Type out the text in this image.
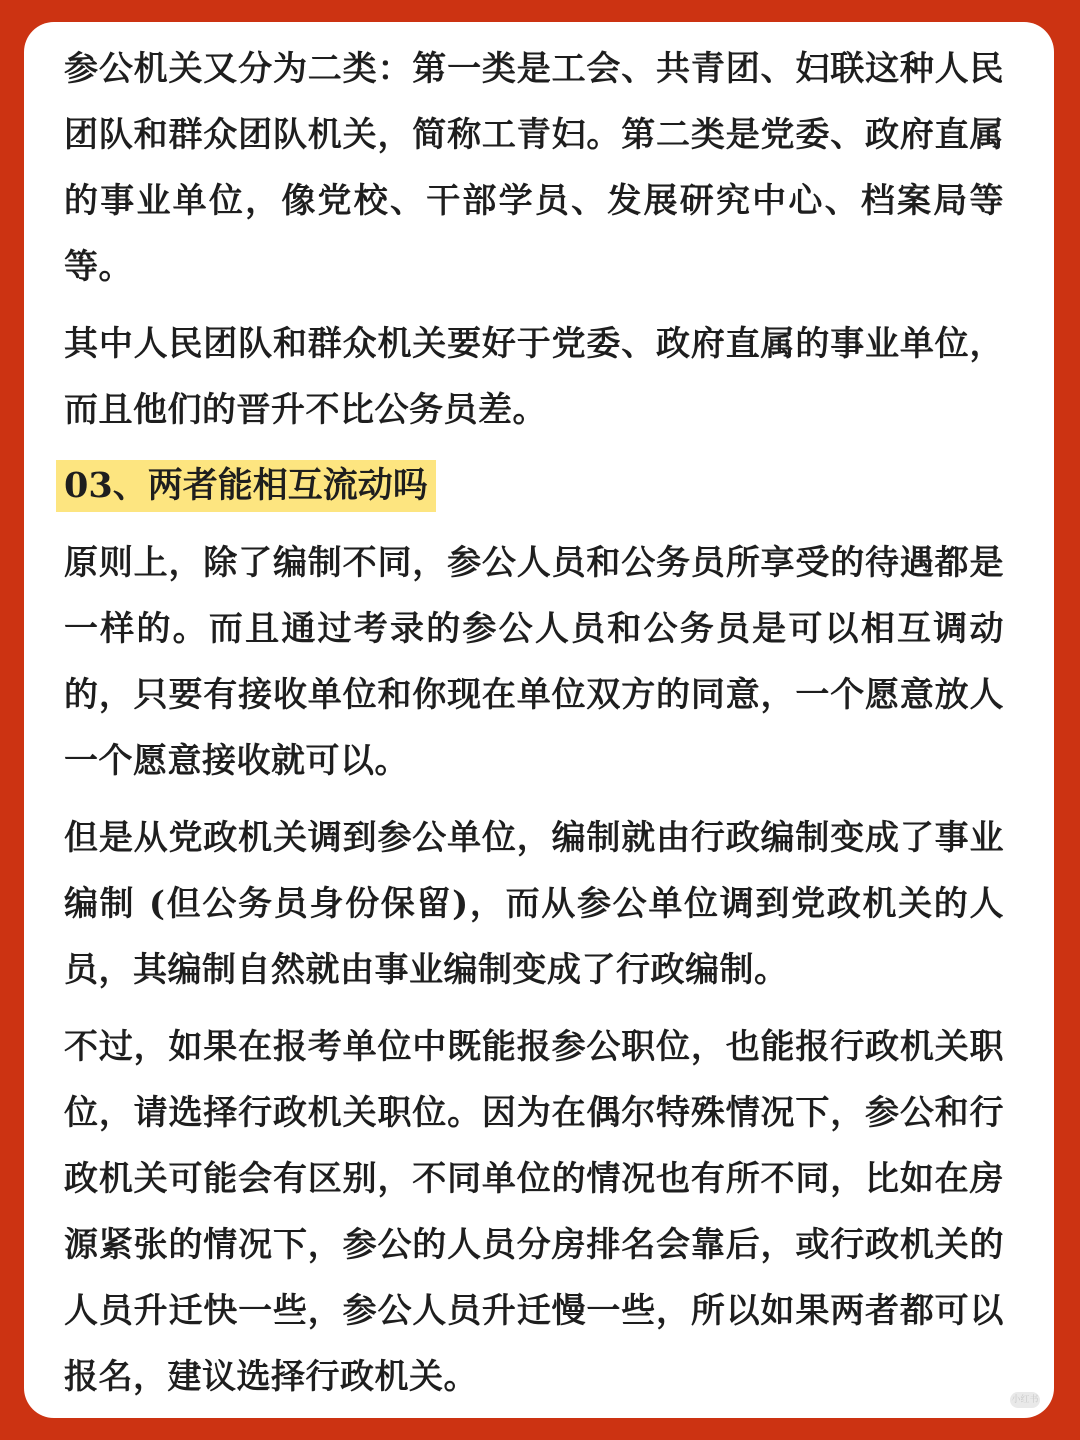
参公机关又分为二类：第一类是工会、共青团、妇联这种人民团队和群众团队机关，简称工青妇。第二类是党委、政府直属的事业单位，像党校、干部学员、发展研究中心、档案局等等。

其中人民团队和群众机关要好于党委、政府直属的事业单位，而且他们的晋升不比公务员差。

03、两者能相互流动吗

原则上，除了编制不同，参公人员和公务员所享受的待遇都是一样的。而且通过考录的参公人员和公务员是可以相互调动的，只要有接收单位和你现在单位双方的同意，一个愿意放人一个愿意接收就可以。

但是从党政机关调到参公单位，编制就由行政编制变成了事业编制 (但公务员身份保留)，而从参公单位调到党政机关的人员，其编制自然就由事业编制变成了行政编制。

不过，如果在报考单位中既能报参公职位，也能报行政机关职位，请选择行政机关职位。因为在偶尔特殊情况下，参公和行政机关可能会有区别，不同单位的情况也有所不同，比如在房源紧张的情况下，参公的人员分房排名会靠后，或行政机关的人员升迁快一些，参公人员升迁慢一些，所以如果两者都可以报名，建议选择行政机关。

小红书
